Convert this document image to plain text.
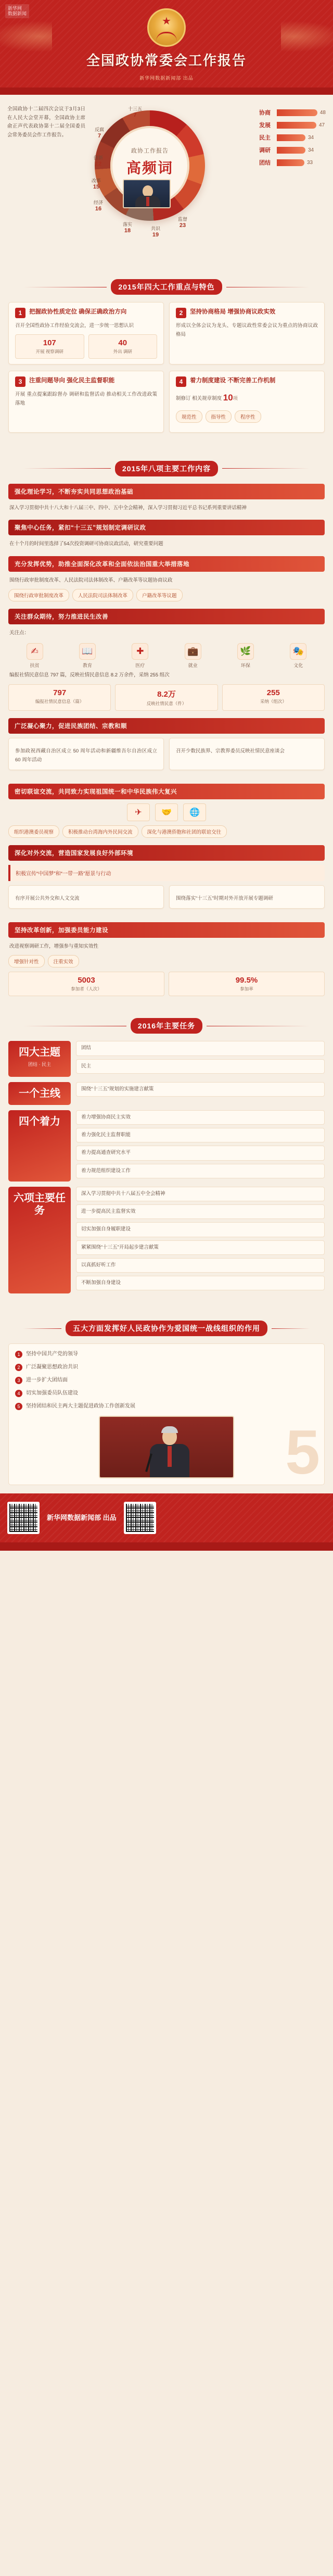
新华网
数据新闻
★
全国政协常委会工作报告
新华网数据新闻部 出品
全国政协十二届四次会议于3月3日在人民大会堂开幕，全国政协主席俞正声代表政协第十二届全国委员会常务委员会作工作报告。
政协工作报告
高频词
创新
12
改革
15
经济
16
落实
18	共识
19
监督
23
十三五
7
反腐
7
协商	48
发展	47
民主	34
调研	34
团结	33
2015年四大工作重点与特色
1	把握政协性质定位 确保正确政治方向

召开全国性政协工作经验交流会，进一步统一思想认识

107
开展 视察调研
40
外出 调研
2	坚持协商格局 增强协商议政实效

形成以全体会议为龙头、专题议政性常委会议为重点的协商议政格局

3	注重问题导向 强化民主监督职能

开展 重点提案跟踪督办 调研和监督活动 推动相关工作改进政策落地

4	着力制度建设 不断完善工作机制

制修订 相关规章制度 10项

规范性	指导性	程序性
2015年八项主要工作内容
强化理论学习，不断夯实共同思想政治基础
深入学习贯彻中共十八大和十八届三中、四中、五中全会精神，深入学习贯彻习近平总书记系列重要讲话精神
聚焦中心任务，紧扣“十三五”规划制定调研议政
在十个月的时间里选择了54次投资调研可协商议政活动，研究重要问题
充分发挥优势，助推全面深化改革和全面依法治国重大举措落地
围绕行政审批制度改革、人民法院司法体制改革、户籍改革等议题协商议政
围绕行政审批制度改革	人民法院司法体制改革	户籍改革等议题
关注群众期待，努力推进民生改善
关注点：
✍
扶贫
📖
教育
✚
医疗
💼
就业
🌿
环保
🎭
文化
编报社情民意信息 797 篇，反映社情民意信息 8.2 万余件，采纳 255 组次
797
编报社情民意信息（篇）
8.2万
反映社情民意（件）
255
采纳（组次）
广泛凝心聚力，促进民族团结、宗教和顺

参加政祝西藏自治区成立 50 周年活动和新疆维吾尔自治区成立 60 周年活动

召开少数民族界、宗教界委员反映社情民意座谈会

密切联谊交流，共同致力实现祖国统一和中华民族伟大复兴
✈	🤝	🌐
组织港澳委员视察	积极推动台湾海内外民间交流	深化与港澳侨胞和社团的联谊交往
深化对外交流，营造国家发展良好外部环境
积极宣传“中国梦”和“一带一路”愿景与行动

有序开展公共外交和人文交流	围绕落实“十三五”时期对外开放开展专题调研

坚持改革创新，加强委员能力建设
改进视察调研工作，增强参与重知实效性
增强针对性	注重实效
5003
参加者（人次）
99.5%
参加率
2016年主要任务
四大主题
团结 · 民主
团结
民主
一个主线	围绕“十三五”规划的实施建言献策
四个着力	着力增强协商民主实效
着力强化民主监督职能
着力提高通查研究水平
着力规范组织建设工作
六项主要任务
深入学习贯彻中共十八届五中全会精神
进一步提高民主监督实效
切实加强自身履职建设
紧紧围绕“十三五”开局起步建言献策
以真抓好听工作
不断加强自身建设
五大方面发挥好人民政协作为爱国统一战线组织的作用
5
1	坚持中国共产党的领导
2	广泛凝聚思想政治共识
3	进一步扩大团结面
4	切实加强委员队伍建设
5	坚持团结和民主两大主题促进政协工作创新发展
新华网数据新闻部 出品
